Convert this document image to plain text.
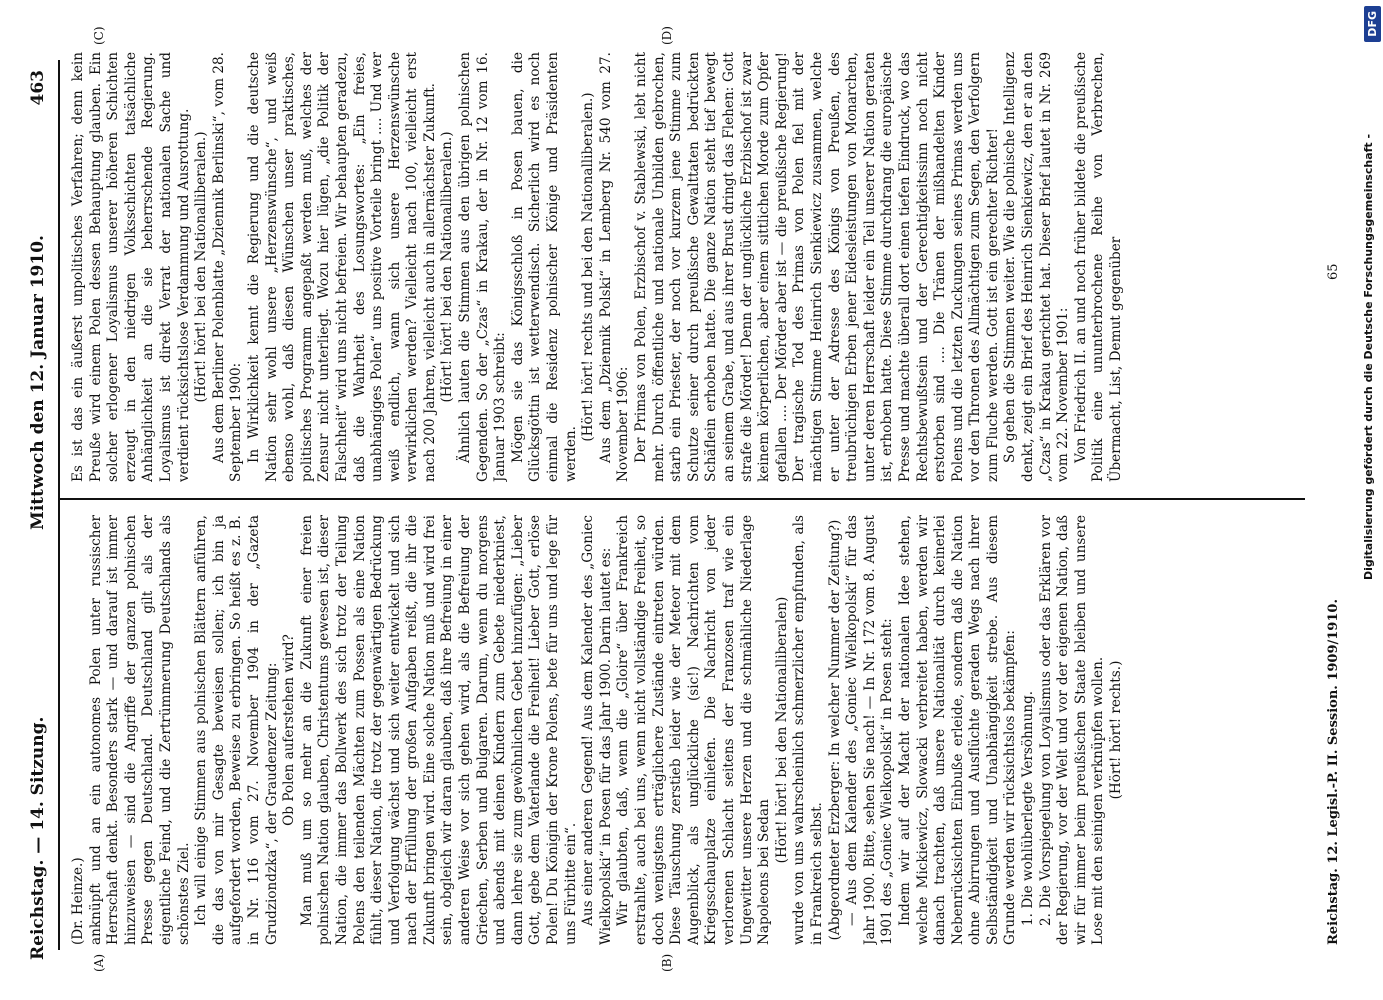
Reichstag. — 14. Sitzung.
Mittwoch den 12. Januar 1910.
463
(A)	(B)
(C)	(D)

(Dr. Heinze.) anknüpft und an ein autonomes Polen unter russischer Herrschaft denkt. Besonders stark — und darauf ist immer hinzuweisen — sind die Angriffe der ganzen polnischen Presse gegen Deutschland. Deutschland gilt als der eigentliche Feind, und die Zertrümmerung Deutschlands als schönstes Ziel. Ich will einige Stimmen aus polnischen Blättern anführen, die das von mir Gesagte beweisen sollen; ich bin ja aufgefordert worden, Beweise zu erbringen. So heißt es z. B. in Nr. 116 vom 27. November 1904 in der „Gazeta Grudziondzka“, der Graudenzer Zeitung: Ob Polen auferstehen wird? Man muß um so mehr an die Zukunft einer freien polnischen Nation glauben, Christentums gewesen ist, dieser Nation, die immer das Bollwerk des sich trotz der Teilung Polens den teilenden Mächten zum Possen als eine Nation fühlt, dieser Nation, die trotz der gegenwärtigen Bedrückung und Verfolgung wächst und sich weiter entwickelt und sich nach der Erfüllung der großen Aufgaben reißt, die ihr die Zukunft bringen wird. Eine solche Nation muß und wird frei sein, obgleich wir daran glauben, daß ihre Befreiung in einer anderen Weise vor sich gehen wird, als die Befreiung der Griechen, Serben und Bulgaren. Darum, wenn du morgens und abends mit deinen Kindern zum Gebete niederkniest, dann lehre sie zum gewöhnlichen Gebet hinzufügen: „Lieber Gott, gebe dem Vaterlande die Freiheit! Lieber Gott, erlöse Polen! Du Königin der Krone Polens, bete für uns und lege für uns Fürbitte ein“. Aus einer anderen Gegend! Aus dem Kalender des „Goniec Wielkopolski“ in Posen für das Jahr 1900. Darin lautet es: Wir glaubten, daß, wenn die „Gloire“ über Frankreich erstrahlte, auch bei uns, wenn nicht vollständige Freiheit, so doch wenigstens erträglichere Zustände eintreten würden. Diese Täuschung zerstieb leider wie der Meteor mit dem Augenblick, als unglückliche (sic!) Nachrichten vom Kriegsschauplatze einliefen. Die Nachricht von jeder verlorenen Schlacht seitens der Franzosen traf wie ein Ungewitter unsere Herzen und die schmähliche Niederlage Napoleons bei Sedan

(Hört! hört! bei den Nationalliberalen) wurde von uns wahrscheinlich schmerzlicher empfunden, als in Frankreich selbst. (Abgeordneter Erzberger: In welcher Nummer der Zeitung?) — Aus dem Kalender des „Goniec Wielkopolski“ für das Jahr 1900. Bitte, sehen Sie nach! — In Nr. 172 vom 8. August 1901 des „Goniec Wielkopolski“ in Posen steht: Indem wir auf der Macht der nationalen Idee stehen, welche Mickiewicz, Slowacki verbreitet haben, werden wir danach trachten, daß unsere Nationalität durch keinerlei Nebenrücksichten Einbuße erleide, sondern daß die Nation ohne Abirrungen und Ausflüchte geraden Wegs nach ihrer Selbständigkeit und Unabhängigkeit strebe. Aus diesem Grunde werden wir rücksichtslos bekämpfen: 1. Die wohlüberlegte Versöhnung. 2. Die Vorspiegelung von Loyalismus oder das Erklären vor der Regierung, vor der Welt und vor der eigenen Nation, daß wir für immer beim preußischen Staate bleiben und unsere Lose mit den seinigen verknüpfen wollen. (Hört! hört! rechts.)

Es ist das ein äußerst unpolitisches Verfahren; denn kein Preuße wird einem Polen dessen Behauptung glauben. Ein solcher erlogener Loyalismus unserer höheren Schichten erzeugt in den niedrigen Volksschichten tatsächliche Anhänglichkeit an die sie beherrschende Regierung. Loyalismus ist direkt Verrat der nationalen Sache und verdient rücksichtslose Verdammung und Ausrottung. (Hört! hört! bei den Nationalliberalen.) Aus dem Berliner Polenblatte „Dziennik Berlinski“, vom 28. September 1900: In Wirklichkeit kennt die Regierung und die deutsche Nation sehr wohl unsere „Herzenswünsche“, und weiß ebenso wohl, daß diesen Wünschen unser praktisches, politisches Programm angepaßt werden muß, welches der Zensur nicht unterliegt. Wozu hier lügen, „die Politik der Falschheit“ wird uns nicht befreien. Wir behaupten geradezu, daß die Wahrheit des Losungswortes: „Ein freies, unabhängiges Polen“ uns positive Vorteile bringt .... Und wer weiß endlich, wann sich unsere Herzenswünsche verwirklichen werden? Vielleicht nach 100, vielleicht erst nach 200 Jahren, vielleicht auch in allernächster Zukunft. (Hört! hört! bei den Nationalliberalen.) Ähnlich lauten die Stimmen aus den übrigen polnischen Gegenden. So der „Czas“ in Krakau, der in Nr. 12 vom 16. Januar 1903 schreibt: Mögen sie das Königsschloß in Posen bauen, die Glücksgöttin ist wetterwendisch. Sicherlich wird es noch einmal die Residenz polnischer Könige und Präsidenten werden.

(Hört! hört! rechts und bei den Nationalliberalen.) Aus dem „Dziennik Polski“ in Lemberg Nr. 540 vom 27. November 1906: Der Primas von Polen, Erzbischof v. Stablewski, lebt nicht mehr. Durch öffentliche und nationale Unbilden gebrochen, starb ein Priester, der noch vor kurzem jene Stimme zum Schutze seiner durch preußische Gewalttaten bedrückten Schäflein erhoben hatte. Die ganze Nation steht tief bewegt an seinem Grabe, und aus ihrer Brust dringt das Flehen: Gott strafe die Mörder! Denn der unglückliche Erzbischof ist zwar keinem körperlichen, aber einem sittlichen Morde zum Opfer gefallen .... Der Mörder aber ist — die preußische Regierung! Der tragische Tod des Primas von Polen fiel mit der mächtigen Stimme Heinrich Sienkiewicz zusammen, welche er unter der Adresse des Königs von Preußen, des treubrüchigen Erben jener Eidesleistungen von Monarchen, unter deren Herrschaft leider ein Teil unserer Nation geraten ist, erhoben hatte. Diese Stimme durchdrang die europäische Presse und machte überall dort einen tiefen Eindruck, wo das Rechtsbewußtsein und der Gerechtigkeitssinn noch nicht erstorben sind .... Die Tränen der mißhandelten Kinder Polens und die letzten Zuckungen seines Primas werden uns vor den Thronen des Allmächtigen zum Segen, den Verfolgern zum Fluche werden. Gott ist ein gerechter Richter! So gehen die Stimmen weiter. Wie die polnische Intelligenz denkt, zeigt ein Brief des Heinrich Sienkiewicz, den er an den „Czas“ in Krakau gerichtet hat. Dieser Brief lautet in Nr. 269 vom 22. November 1901: Von Friedrich II. an und noch früher bildete die preußische Politik eine ununterbrochene Reihe von Verbrechen, Übermacht, List, Demut gegenüber

Reichstag. 12. Legisl.-P. II. Session. 1909/1910.
65 Digitalisierung gefördert durch die Deutsche Forschungsgemeinschaft -
DFG
